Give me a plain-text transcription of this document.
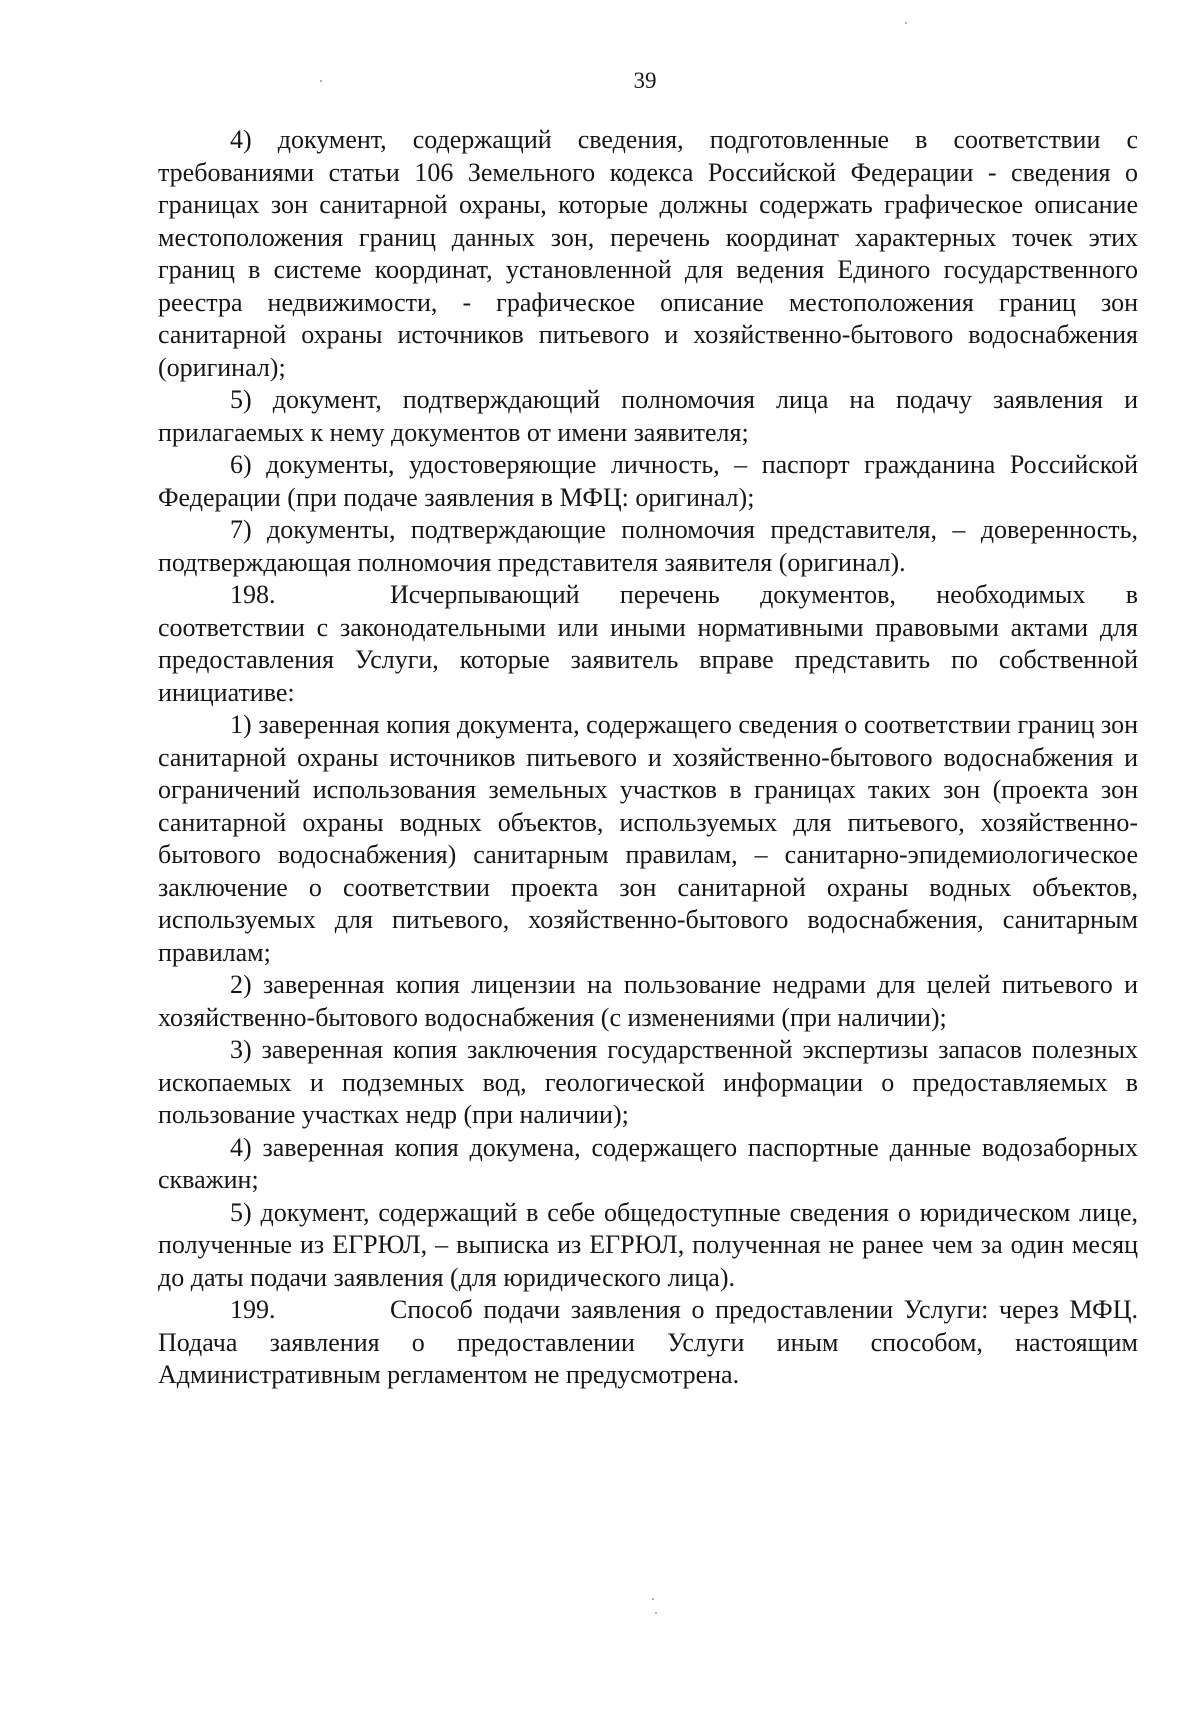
39

4) документ, содержащий сведения, подготовленные в соответствии с требованиями статьи 106 Земельного кодекса Российской Федерации - сведения о границах зон санитарной охраны, которые должны содержать графическое описание местоположения границ данных зон, перечень координат характерных точек этих границ в системе координат, установленной для ведения Единого государственного реестра недвижимости, - графическое описание местоположения границ зон санитарной охраны источников питьевого и хозяйственно-бытового водоснабжения (оригинал);

5) документ, подтверждающий полномочия лица на подачу заявления и прилагаемых к нему документов от имени заявителя;

6) документы, удостоверяющие личность, – паспорт гражданина Российской Федерации (при подаче заявления в МФЦ: оригинал);

7) документы, подтверждающие полномочия представителя, – доверенность, подтверждающая полномочия представителя заявителя (оригинал).

198.	Исчерпывающий перечень документов, необходимых в соответствии с законодательными или иными нормативными правовыми актами для предоставления Услуги, которые заявитель вправе представить по собственной инициативе:

1) заверенная копия документа, содержащего сведения о соответствии границ зон санитарной охраны источников питьевого и хозяйственно-бытового водоснабжения и ограничений использования земельных участков в границах таких зон (проекта зон санитарной охраны водных объектов, используемых для питьевого, хозяйственно-бытового водоснабжения) санитарным правилам, – санитарно-эпидемиологическое заключение о соответствии проекта зон санитарной охраны водных объектов, используемых для питьевого, хозяйственно-бытового водоснабжения, санитарным правилам;

2) заверенная копия лицензии на пользование недрами для целей питьевого и хозяйственно-бытового водоснабжения (с изменениями (при наличии);

3) заверенная копия заключения государственной экспертизы запасов полезных ископаемых и подземных вод, геологической информации о предоставляемых в пользование участках недр (при наличии);

4) заверенная копия докумена, содержащего паспортные данные водозаборных скважин;

5) документ, содержащий в себе общедоступные сведения о юридическом лице, полученные из ЕГРЮЛ, – выписка из ЕГРЮЛ, полученная не ранее чем за один месяц до даты подачи заявления (для юридического лица).

199.	Способ подачи заявления о предоставлении Услуги: через МФЦ. Подача заявления о предоставлении Услуги иным способом, настоящим Административным регламентом не предусмотрена.
